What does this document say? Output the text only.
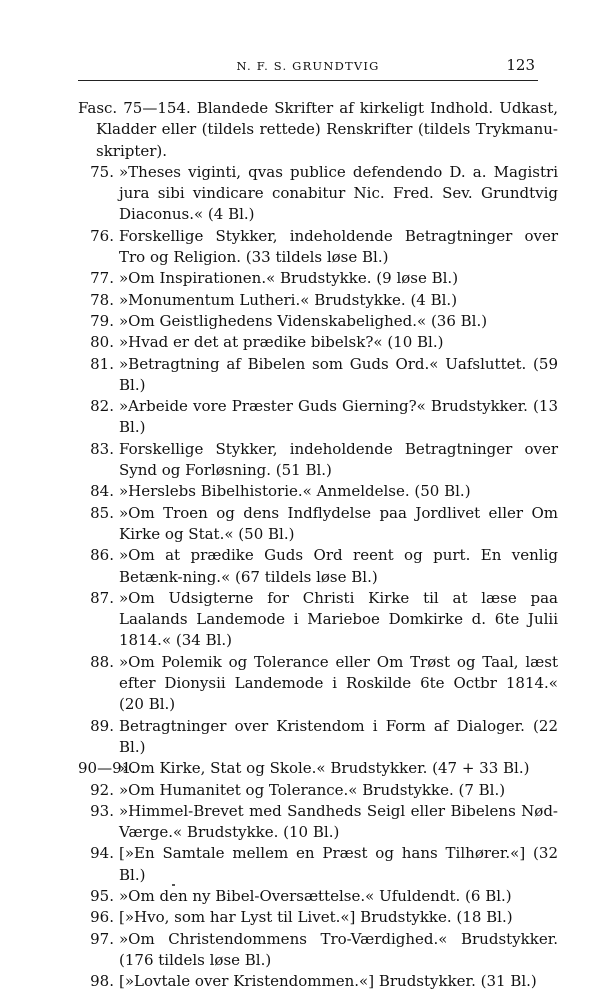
N. F. S. GRUNDTVIG	123

Fasc. 75—154. Blandede Skrifter af kirkeligt Indhold. Udkast, Kladder eller (tildels rettede) Renskrifter (tildels Trykmanu-skripter).

75. »Theses viginti, qvas publice defendendo D. a. Magistri jura sibi vindicare conabitur Nic. Fred. Sev. Grundtvig Diaconus.« (4 Bl.)
76. Forskellige Stykker, indeholdende Betragtninger over Tro og Religion. (33 tildels løse Bl.)
77. »Om Inspirationen.« Brudstykke. (9 løse Bl.)
78. »Monumentum Lutheri.« Brudstykke. (4 Bl.)
79. »Om Geistlighedens Videnskabelighed.« (36 Bl.)
80. »Hvad er det at prædike bibelsk?« (10 Bl.)
81. »Betragtning af Bibelen som Guds Ord.« Uafsluttet. (59 Bl.)
82. »Arbeide vore Præster Guds Gierning?« Brudstykker. (13 Bl.)
83. Forskellige Stykker, indeholdende Betragtninger over Synd og Forløsning. (51 Bl.)
84. »Herslebs Bibelhistorie.« Anmeldelse. (50 Bl.)
85. »Om Troen og dens Indflydelse paa Jordlivet eller Om Kirke og Stat.« (50 Bl.)
86. »Om at prædike Guds Ord reent og purt. En venlig Betænk-ning.« (67 tildels løse Bl.)
87. »Om Udsigterne for Christi Kirke til at læse paa Laalands Landemode i Marieboe Domkirke d. 6te Julii 1814.« (34 Bl.)
88. »Om Polemik og Tolerance eller Om Trøst og Taal, læst efter Dionysii Landemode i Roskilde 6te Octbr 1814.« (20 Bl.)
89. Betragtninger over Kristendom i Form af Dialoger. (22 Bl.)
90—91.
»Om Kirke, Stat og Skole.« Brudstykker. (47 + 33 Bl.)
92. »Om Humanitet og Tolerance.« Brudstykke. (7 Bl.)
93. »Himmel-Brevet med Sandheds Seigl eller Bibelens Nød-Værge.« Brudstykke. (10 Bl.)
94. [»En Samtale mellem en Præst og hans Tilhører.«] (32 Bl.)
95. »Om den ny Bibel-Oversættelse.« Ufuldendt. (6 Bl.)
96. [»Hvo, som har Lyst til Livet.«] Brudstykke. (18 Bl.)
97. »Om Christendommens Tro-Værdighed.« Brudstykker. (176 tildels løse Bl.)
98. [»Lovtale over Kristendommen.«] Brudstykker. (31 Bl.)
